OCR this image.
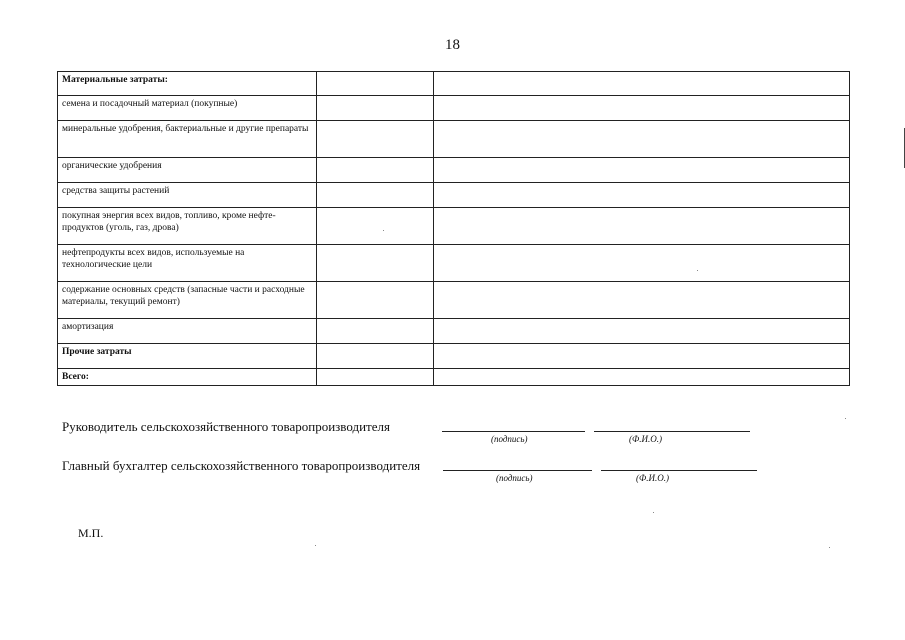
18
Материальные затраты:		
семена и посадочный материал (покупные)		
минеральные удобрения, бактериальные и другие препараты		
органические удобрения		
средства защиты растений		
покупная энергия всех видов, топливо, кроме нефте-продуктов (уголь, газ, дрова)		
нефтепродукты всех видов, используемые на технологические цели		
содержание основных средств (запасные части и расходные материалы, текущий ремонт)		
амортизация		
Прочие затраты		
Всего:		
Руководитель сельскохозяйственного товаропроизводителя
(подпись)	(Ф.И.О.)
Главный бухгалтер сельскохозяйственного товаропроизводителя
(подпись)	(Ф.И.О.)
М.П.
